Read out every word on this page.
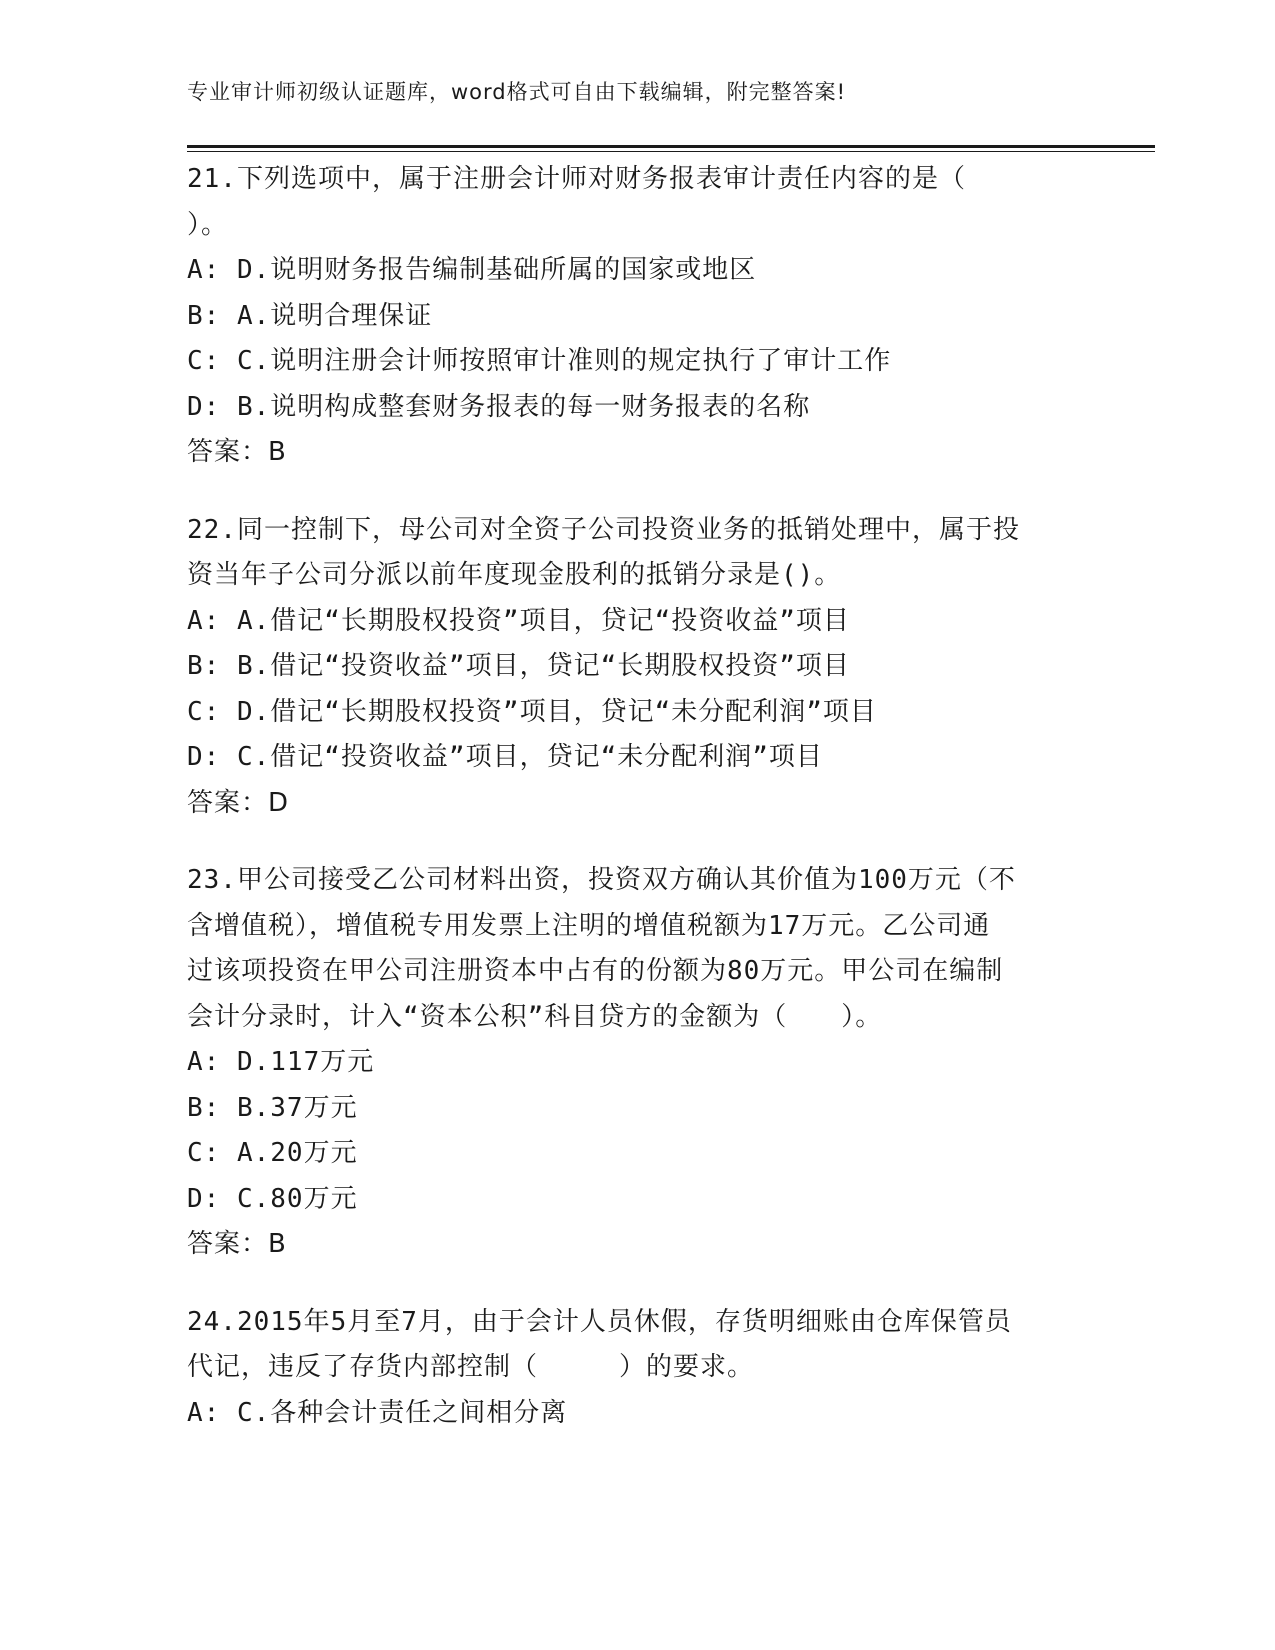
专业审计师初级认证题库，word格式可自由下载编辑，附完整答案!
21.下列选项中，属于注册会计师对财务报表审计责任内容的是（
）。
A: D.说明财务报告编制基础所属的国家或地区
B: A.说明合理保证
C: C.说明注册会计师按照审计准则的规定执行了审计工作
D: B.说明构成整套财务报表的每一财务报表的名称
答案：B
22.同一控制下，母公司对全资子公司投资业务的抵销处理中，属于投
资当年子公司分派以前年度现金股利的抵销分录是()。
A: A.借记“长期股权投资”项目，贷记“投资收益”项目
B: B.借记“投资收益”项目，贷记“长期股权投资”项目
C: D.借记“长期股权投资”项目，贷记“未分配利润”项目
D: C.借记“投资收益”项目，贷记“未分配利润”项目
答案：D
23.甲公司接受乙公司材料出资，投资双方确认其价值为100万元（不
含增值税），增值税专用发票上注明的增值税额为17万元。乙公司通
过该项投资在甲公司注册资本中占有的份额为80万元。甲公司在编制
会计分录时，计入“资本公积”科目贷方的金额为（　　）。
A: D.117万元
B: B.37万元
C: A.20万元
D: C.80万元
答案：B
24.2015年5月至7月，由于会计人员休假，存货明细账由仓库保管员
代记，违反了存货内部控制（　　　）的要求。
A: C.各种会计责任之间相分离
